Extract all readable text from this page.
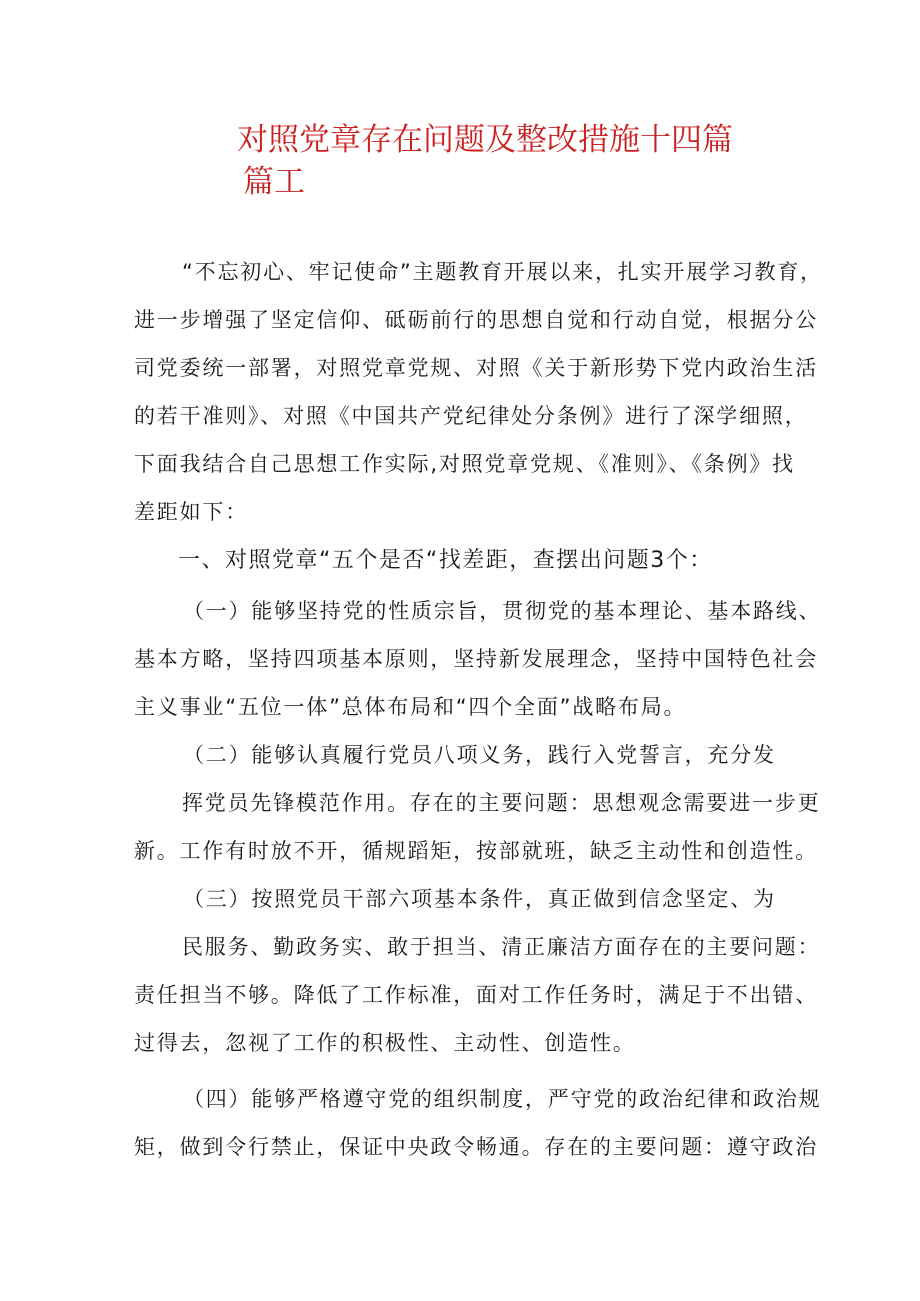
对照党章存在问题及整改措施十四篇
篇工
“不忘初心、牢记使命”主题教育开展以来，扎实开展学习教育，
进一步增强了坚定信仰、砥砺前行的思想自觉和行动自觉，根据分公
司党委统一部署，对照党章党规、对照《关于新形势下党内政治生活
的若干准则》、对照《中国共产党纪律处分条例》进行了深学细照，
下面我结合自己思想工作实际,对照党章党规、《准则》、《条例》找
差距如下：
一、对照党章“五个是否“找差距，查摆出问题3个：
（一）能够坚持党的性质宗旨，贯彻党的基本理论、基本路线、
基本方略，坚持四项基本原则，坚持新发展理念，坚持中国特色社会
主义事业“五位一体”总体布局和“四个全面”战略布局。
（二）能够认真履行党员八项义务，践行入党誓言，充分发
挥党员先锋模范作用。存在的主要问题：思想观念需要进一步更
新。工作有时放不开，循规蹈矩，按部就班，缺乏主动性和创造性。
（三）按照党员干部六项基本条件，真正做到信念坚定、为
民服务、勤政务实、敢于担当、清正廉洁方面存在的主要问题：
责任担当不够。降低了工作标准，面对工作任务时，满足于不出错、
过得去，忽视了工作的积极性、主动性、创造性。
（四）能够严格遵守党的组织制度，严守党的政治纪律和政治规
矩，做到令行禁止，保证中央政令畅通。存在的主要问题：遵守政治
